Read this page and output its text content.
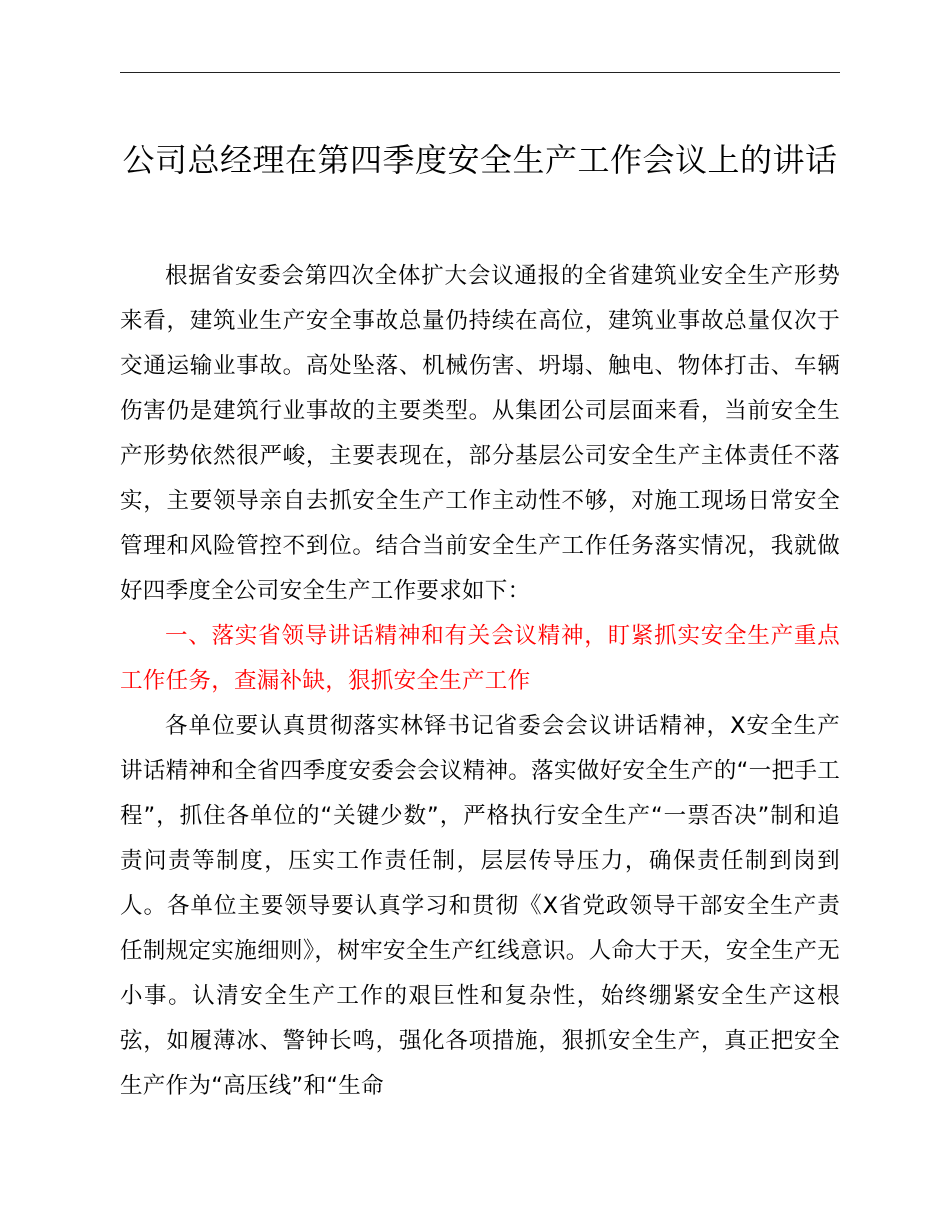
公司总经理在第四季度安全生产工作会议上的讲话

根据省安委会第四次全体扩大会议通报的全省建筑业安全生产形势来看，建筑业生产安全事故总量仍持续在高位，建筑业事故总量仅次于交通运输业事故。高处坠落、机械伤害、坍塌、触电、物体打击、车辆伤害仍是建筑行业事故的主要类型。从集团公司层面来看，当前安全生产形势依然很严峻，主要表现在，部分基层公司安全生产主体责任不落实，主要领导亲自去抓安全生产工作主动性不够，对施工现场日常安全管理和风险管控不到位。结合当前安全生产工作任务落实情况，我就做好四季度全公司安全生产工作要求如下：

一、落实省领导讲话精神和有关会议精神，盯紧抓实安全生产重点工作任务，查漏补缺，狠抓安全生产工作

各单位要认真贯彻落实林铎书记省委会会议讲话精神，X安全生产讲话精神和全省四季度安委会会议精神。落实做好安全生产的“一把手工程”，抓住各单位的“关键少数”，严格执行安全生产“一票否决”制和追责问责等制度，压实工作责任制，层层传导压力，确保责任制到岗到人。各单位主要领导要认真学习和贯彻《X省党政领导干部安全生产责任制规定实施细则》，树牢安全生产红线意识。人命大于天，安全生产无小事。认清安全生产工作的艰巨性和复杂性，始终绷紧安全生产这根弦，如履薄冰、警钟长鸣，强化各项措施，狠抓安全生产，真正把安全生产作为“高压线”和“生命
